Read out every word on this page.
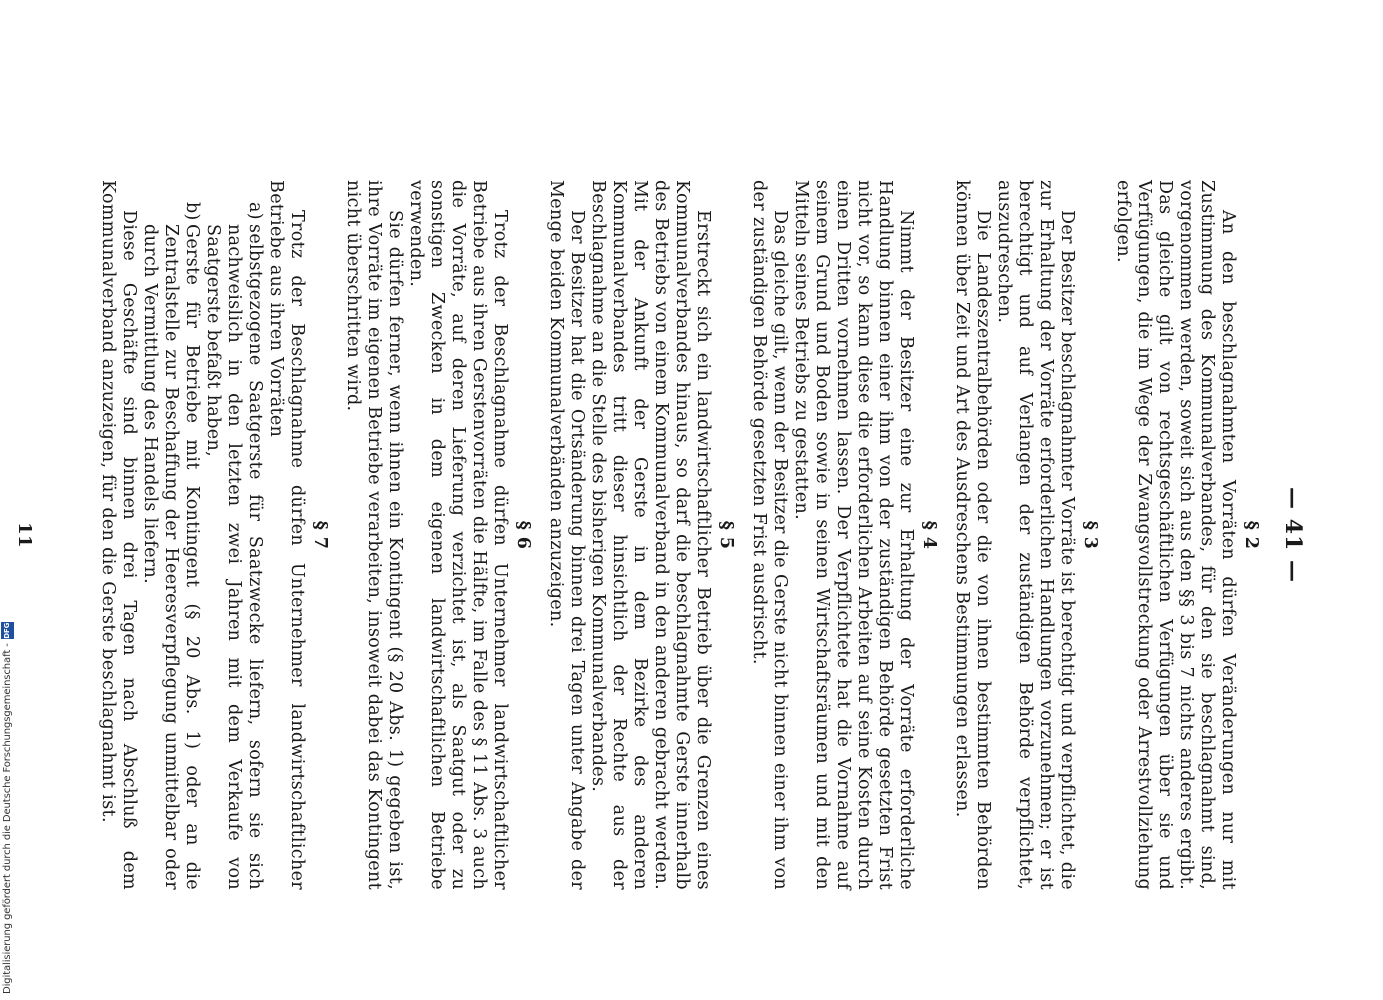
— 41 —
§ 2

An den beschlagnahmten Vorräten dürfen Veränderungen nur mit Zustimmung des Kommunalverbandes, für den sie beschlagnahmt sind, vorgenommen werden, soweit sich aus den §§ 3 bis 7 nichts anderes ergibt. Das gleiche gilt von rechtsgeschäftlichen Verfügungen über sie und Verfügungen, die im Wege der Zwangsvollstreckung oder Arrestvollziehung erfolgen.

§ 3

Der Besitzer beschlagnahmter Vorräte ist berechtigt und verpflichtet, die zur Erhaltung der Vorräte erforderlichen Handlungen vorzunehmen; er ist berechtigt und auf Verlangen der zuständigen Behörde verpflichtet, auszudreschen.

Die Landeszentralbehörden oder die von ihnen bestimmten Behörden können über Zeit und Art des Ausdreschens Bestimmungen erlassen.

§ 4

Nimmt der Besitzer eine zur Erhaltung der Vorräte erforderliche Handlung binnen einer ihm von der zuständigen Behörde gesetzten Frist nicht vor, so kann diese die erforderlichen Arbeiten auf seine Kosten durch einen Dritten vornehmen lassen. Der Verpflichtete hat die Vornahme auf seinem Grund und Boden sowie in seinen Wirtschaftsräumen und mit den Mitteln seines Betriebs zu gestatten.

Das gleiche gilt, wenn der Besitzer die Gerste nicht binnen einer ihm von der zuständigen Behörde gesetzten Frist ausdrischt.

§ 5

Erstreckt sich ein landwirtschaftlicher Betrieb über die Grenzen eines Kommunalverbandes hinaus, so darf die beschlagnahmte Gerste innerhalb des Betriebs von einem Kommunalverband in den anderen gebracht werden. Mit der Ankunft der Gerste in dem Bezirke des anderen Kommunalverbandes tritt dieser hinsichtlich der Rechte aus der Beschlagnahme an die Stelle des bisherigen Kommunalverbandes.

Der Besitzer hat die Ortsänderung binnen drei Tagen unter Angabe der Menge beiden Kommunalverbänden anzuzeigen.

§ 6

Trotz der Beschlagnahme dürfen Unternehmer landwirtschaftlicher Betriebe aus ihren Gerstenvorräten die Hälfte, im Falle des § 11 Abs. 3 auch die Vorräte, auf deren Lieferung verzichtet ist, als Saatgut oder zu sonstigen Zwecken in dem eigenen landwirtschaftlichen Betriebe verwenden.

Sie dürfen ferner, wenn ihnen ein Kontingent (§ 20 Abs. 1) gegeben ist, ihre Vorräte im eigenen Betriebe verarbeiten, insoweit dabei das Kontingent nicht überschritten wird.

§ 7

Trotz der Beschlagnahme dürfen Unternehmer landwirtschaftlicher Betriebe aus ihren Vorräten

a)
selbstgezogene Saatgerste für Saatzwecke liefern, sofern sie sich nachweislich in den letzten zwei Jahren mit dem Verkaufe von Saatgerste befaßt haben,
b)
Gerste für Betriebe mit Kontingent (§ 20 Abs. 1) oder an die Zentralstelle zur Beschaffung der Heeresverpflegung unmittelbar oder durch Vermittlung des Handels liefern.

Diese Geschäfte sind binnen drei Tagen nach Abschluß dem Kommunalverband anzuzeigen, für den die Gerste beschlagnahmt ist.

11
Digitalisierung gefördert durch die Deutsche Forschungsgemeinschaft -
DFG
